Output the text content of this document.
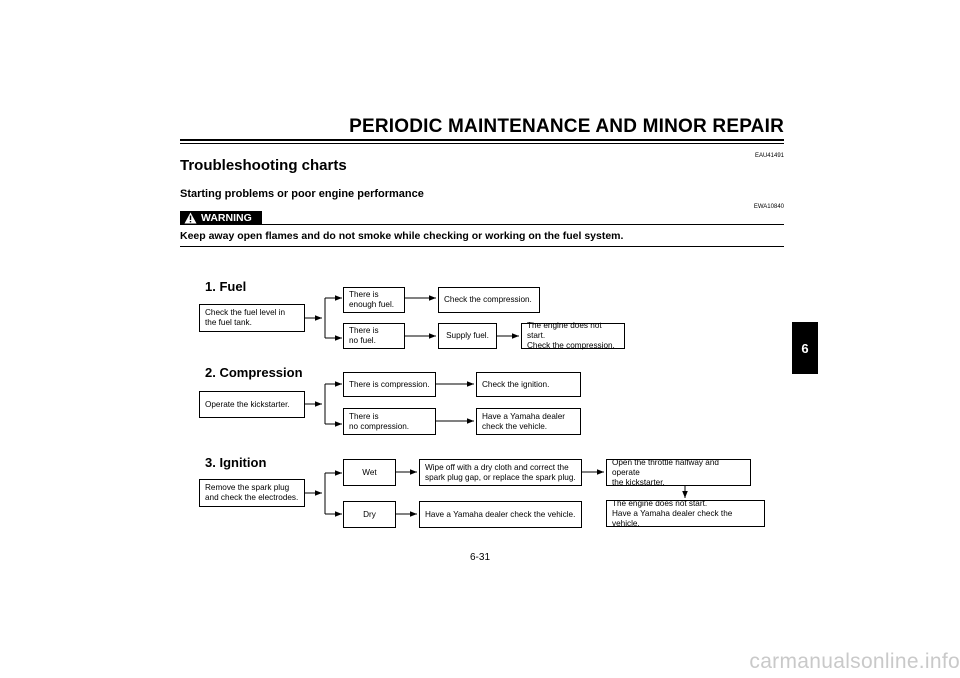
PERIODIC MAINTENANCE AND MINOR REPAIR
EAU41491
Troubleshooting charts
Starting problems or poor engine performance
EWA10840
WARNING
Keep away open flames and do not smoke while checking or working on the fuel system.
1. Fuel
Check the fuel level in
the fuel tank.
There is
enough fuel.
Check the compression.
There is
no fuel.
Supply fuel.
The engine does not start.
Check the compression.
2. Compression
Operate the kickstarter.
There is compression.	Check the ignition.
There is
no compression.
Have a Yamaha dealer
check the vehicle.
3. Ignition
Remove the spark plug
and check the electrodes.
Wet
Wipe off with a dry cloth and correct the
spark plug gap, or replace the spark plug.
Open the throttle halfway and operate
the kickstarter.
The engine does not start.
Have a Yamaha dealer check the vehicle.
Dry	Have a Yamaha dealer check the vehicle.
6
6-31
carmanualsonline.info
